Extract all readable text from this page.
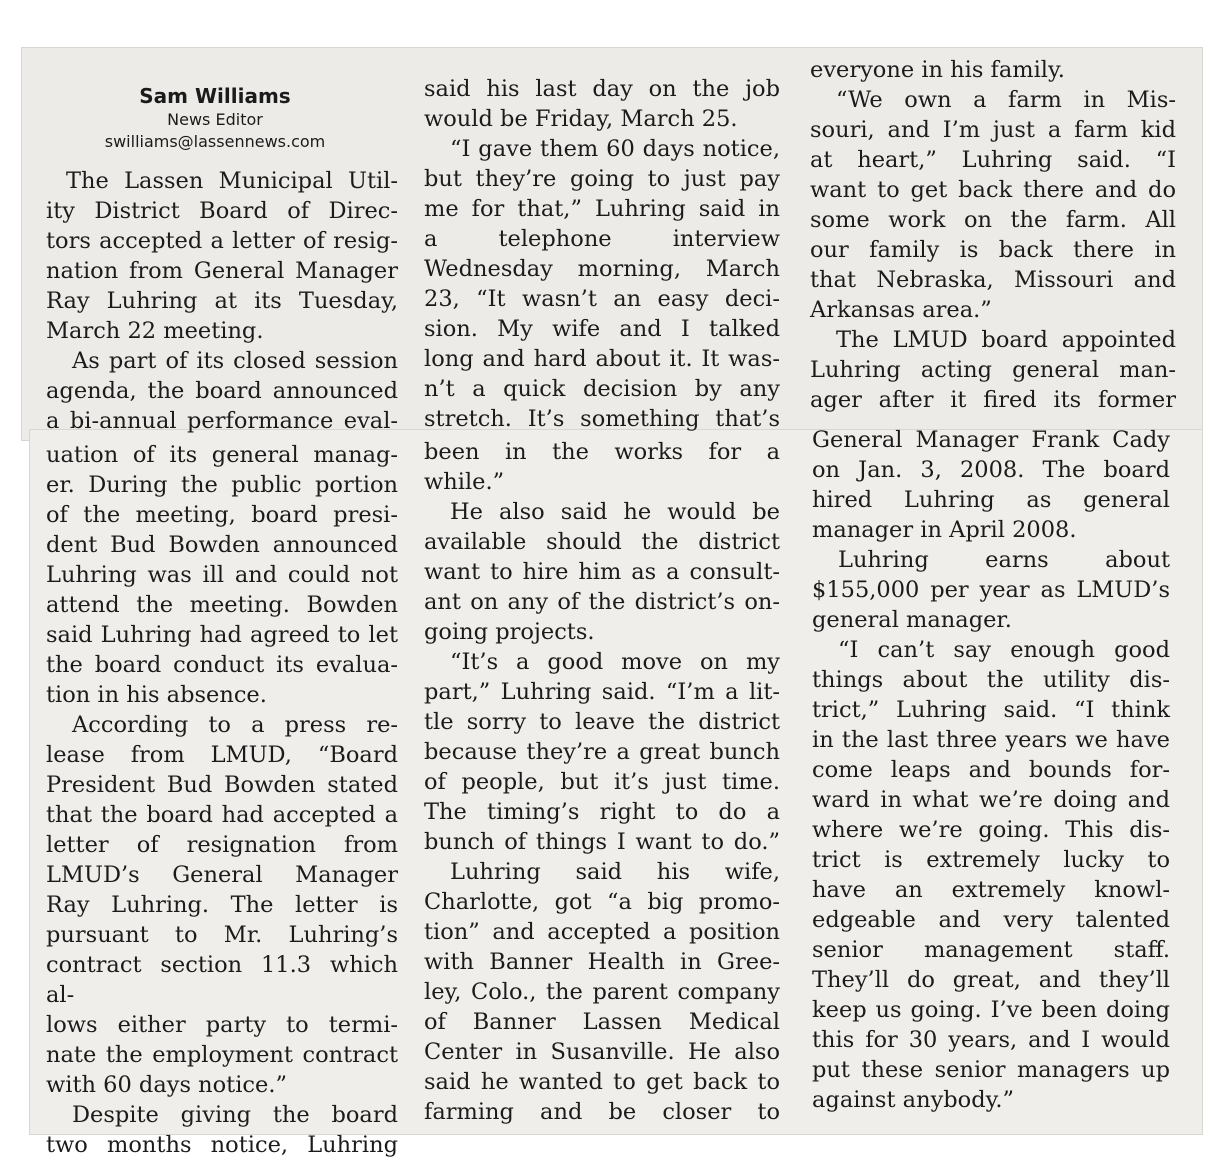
Sam Williams
News Editor
swilliams@lassennews.com
The Lassen Municipal Util-
ity District Board of Direc-
tors accepted a letter of resig-
nation from General Manager
Ray Luhring at its Tuesday,
March 22 meeting.
As part of its closed session
agenda, the board announced
a bi-annual performance eval-
uation of its general manag-
er. During the public portion
of the meeting, board presi-
dent Bud Bowden announced
Luhring was ill and could not
attend the meeting. Bowden
said Luhring had agreed to let
the board conduct its evalua-
tion in his absence.
According to a press re-
lease from LMUD, “Board
President Bud Bowden stated
that the board had accepted a
letter of resignation from
LMUD’s General Manager
Ray Luhring. The letter is
pursuant to Mr. Luhring’s
contract section 11.3 which al-
lows either party to termi-
nate the employment contract
with 60 days notice.”
Despite giving the board
two months notice, Luhring
said his last day on the job
would be Friday, March 25.
“I gave them 60 days notice,
but they’re going to just pay
me for that,” Luhring said in
a telephone interview
Wednesday morning, March
23, “It wasn’t an easy deci-
sion. My wife and I talked
long and hard about it. It was-
n’t a quick decision by any
stretch. It’s something that’s
been in the works for a
while.”
He also said he would be
available should the district
want to hire him as a consult-
ant on any of the district’s on-
going projects.
“It’s a good move on my
part,” Luhring said. “I’m a lit-
tle sorry to leave the district
because they’re a great bunch
of people, but it’s just time.
The timing’s right to do a
bunch of things I want to do.”
Luhring said his wife,
Charlotte, got “a big promo-
tion” and accepted a position
with Banner Health in Gree-
ley, Colo., the parent company
of Banner Lassen Medical
Center in Susanville. He also
said he wanted to get back to
farming and be closer to
everyone in his family.
“We own a farm in Mis-
souri, and I’m just a farm kid
at heart,” Luhring said. “I
want to get back there and do
some work on the farm. All
our family is back there in
that Nebraska, Missouri and
Arkansas area.”
The LMUD board appointed
Luhring acting general man-
ager after it fired its former
General Manager Frank Cady
on Jan. 3, 2008. The board
hired Luhring as general
manager in April 2008.
Luhring earns about
$155,000 per year as LMUD’s
general manager.
“I can’t say enough good
things about the utility dis-
trict,” Luhring said. “I think
in the last three years we have
come leaps and bounds for-
ward in what we’re doing and
where we’re going. This dis-
trict is extremely lucky to
have an extremely knowl-
edgeable and very talented
senior management staff.
They’ll do great, and they’ll
keep us going. I’ve been doing
this for 30 years, and I would
put these senior managers up
against anybody.”
